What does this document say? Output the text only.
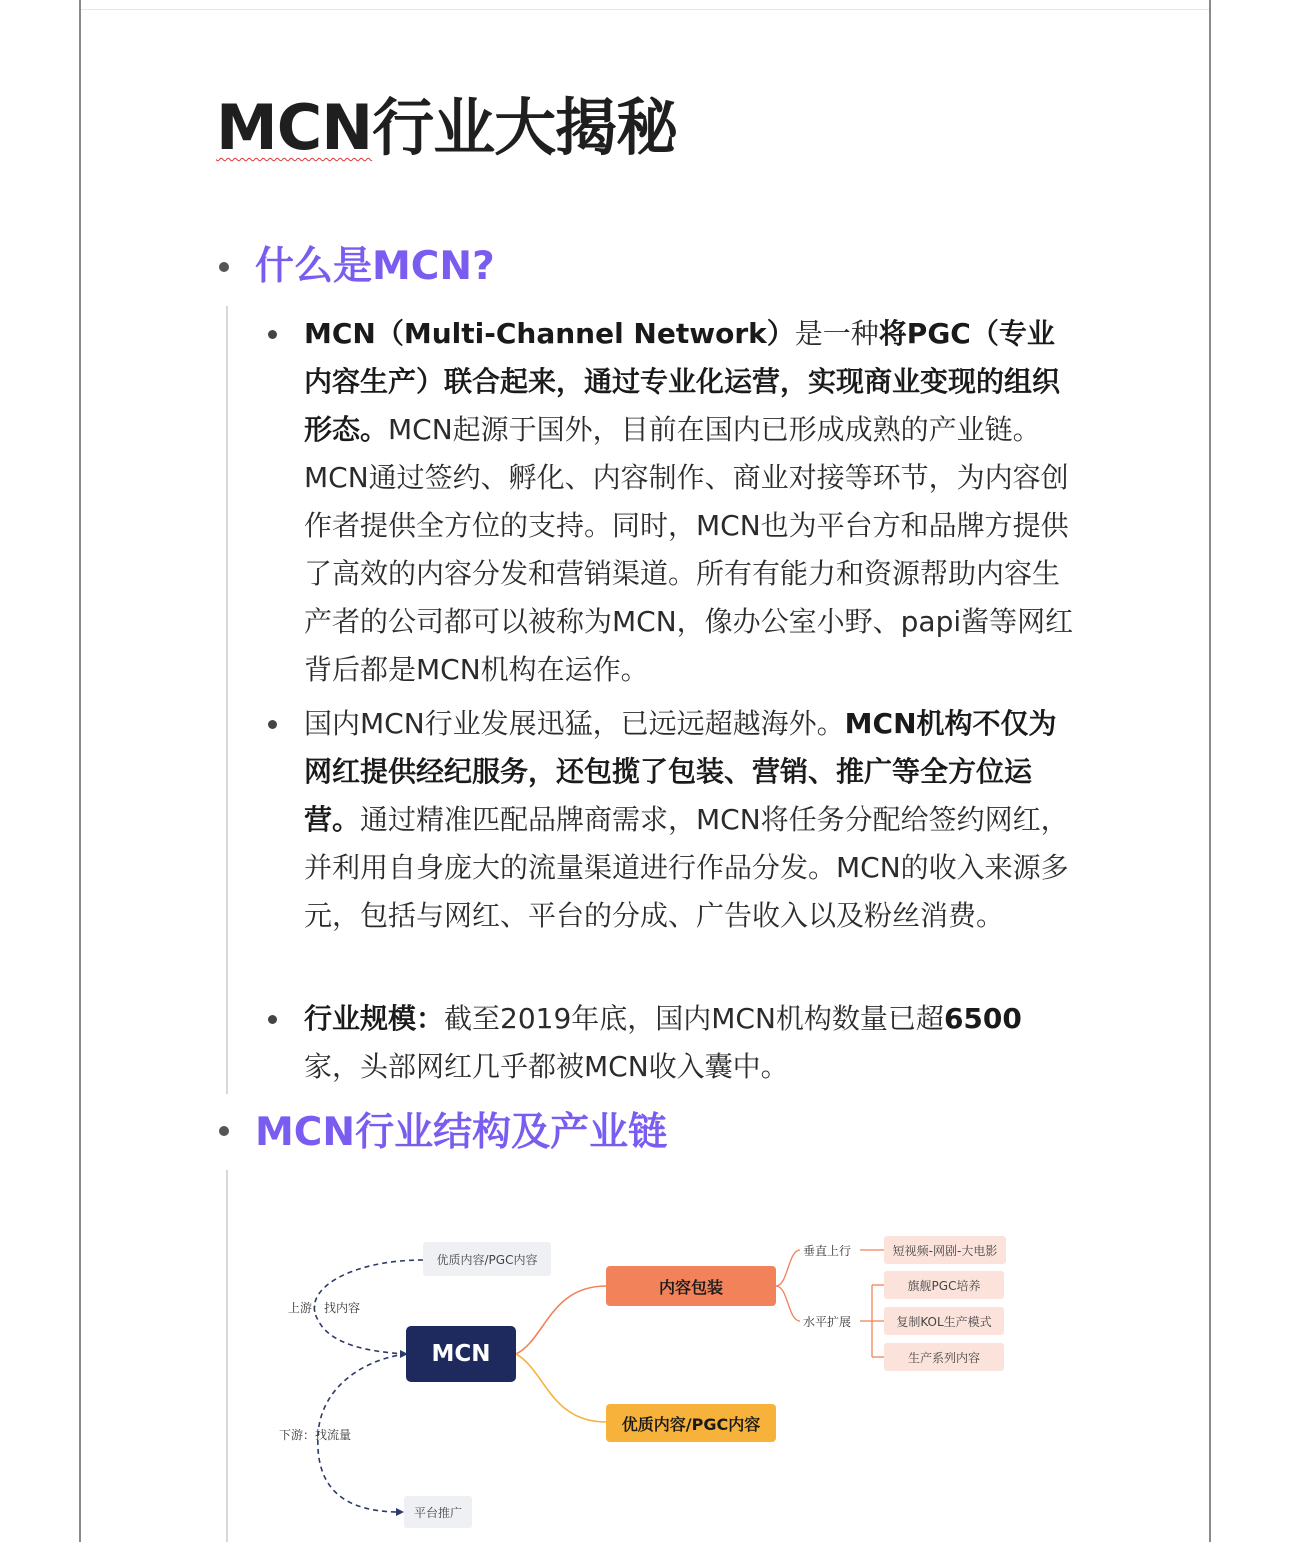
MCN行业大揭秘
什么是MCN?

MCN（Multi-Channel Network）是一种将PGC（专业内容生产）联合起来，通过专业化运营，实现商业变现的组织形态。MCN起源于国外，目前在国内已形成成熟的产业链。MCN通过签约、孵化、内容制作、商业对接等环节，为内容创作者提供全方位的支持。同时，MCN也为平台方和品牌方提供了高效的内容分发和营销渠道。所有有能力和资源帮助内容生产者的公司都可以被称为MCN，像办公室小野、papi酱等网红背后都是MCN机构在运作。

国内MCN行业发展迅猛，已远远超越海外。MCN机构不仅为网红提供经纪服务，还包揽了包装、营销、推广等全方位运营。通过精准匹配品牌商需求，MCN将任务分配给签约网红，并利用自身庞大的流量渠道进行作品分发。MCN的收入来源多元，包括与网红、平台的分成、广告收入以及粉丝消费。

行业规模：截至2019年底，国内MCN机构数量已超6500家，头部网红几乎都被MCN收入囊中。

MCN行业结构及产业链
优质内容/PGC内容
上游：找内容
MCN
下游：找流量
平台推广
内容包装
优质内容/PGC内容
垂直上行	短视频-网剧-大电影
水平扩展
旗舰PGC培养
复制KOL生产模式
生产系列内容
